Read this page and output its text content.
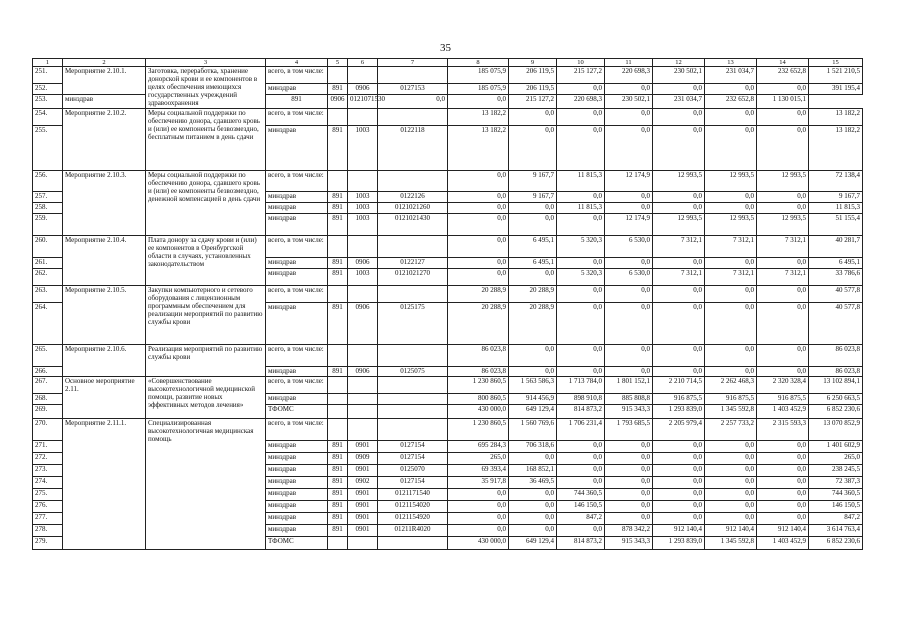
35
1	2	3	4	5	6	7	8	9	10	11	12	13	14	15
251.	Мероприятие 2.10.1.	Заготовка, переработка, хранение донорской крови и ее компонентов в целях обеспечения имеющихся государственных учреждений здравоохранения	всего, в том числе:				185 075,9	206 119,5	215 127,2	220 698,3	230 502,1	231 034,7	232 652,8	1 521 210,5
252.			минздрав	891	0906	0127153	185 075,9	206 119,5	0,0	0,0	0,0	0,0	0,0	391 195,4
253.	минздрав		891	0906	0121071530	0,0	0,0	215 127,2	220 698,3	230 502,1	231 034,7	232 652,8	1 130 015,1	
254.	Мероприятие 2.10.2.	Меры социальной поддержки по обеспечению донора, сдавшего кровь и (или) ее компоненты безвозмездно, бесплатным питанием в день сдачи	всего, в том числе:				13 182,2	0,0	0,0	0,0	0,0	0,0	0,0	13 182,2
255.			минздрав	891	1003	0122118	13 182,2	0,0	0,0	0,0	0,0	0,0	0,0	13 182,2
256.	Мероприятие 2.10.3.	Меры социальной поддержки по обеспечению донора, сдавшего кровь и (или) ее компоненты безвозмездно, денежной компенсацией в день сдачи	всего, в том числе:				0,0	9 167,7	11 815,3	12 174,9	12 993,5	12 993,5	12 993,5	72 138,4
257.			минздрав	891	1003	0122126	0,0	9 167,7	0,0	0,0	0,0	0,0	0,0	9 167,7
258.			минздрав	891	1003	0121021260	0,0	0,0	11 815,3	0,0	0,0	0,0	0,0	11 815,3
259.			минздрав	891	1003	0121021430	0,0	0,0	0,0	12 174,9	12 993,5	12 993,5	12 993,5	51 155,4
260.	Мероприятие 2.10.4.	Плата донору за сдачу крови и (или) ее компонентов в Оренбургской области в случаях, установленных законодательством	всего, в том числе:				0,0	6 495,1	5 320,3	6 530,0	7 312,1	7 312,1	7 312,1	40 281,7
261.			минздрав	891	0906	0122127	0,0	6 495,1	0,0	0,0	0,0	0,0	0,0	6 495,1
262.			минздрав	891	1003	0121021270	0,0	0,0	5 320,3	6 530,0	7 312,1	7 312,1	7 312,1	33 786,6
263.	Мероприятие 2.10.5.	Закупки компьютерного и сетевого оборудования с лицензионным программным обеспечением для реализации мероприятий по развитию службы крови	всего, в том числе:				20 288,9	20 288,9	0,0	0,0	0,0	0,0	0,0	40 577,8
264.			минздрав	891	0906	0125175	20 288,9	20 288,9	0,0	0,0	0,0	0,0	0,0	40 577,8
265.	Мероприятие 2.10.6.	Реализация мероприятий по развитию службы крови	всего, в том числе:				86 023,8	0,0	0,0	0,0	0,0	0,0	0,0	86 023,8
266.			минздрав	891	0906	0125075	86 023,8	0,0	0,0	0,0	0,0	0,0	0,0	86 023,8
267.	Основное мероприятие 2.11.	«Совершенствование высокотехнологичной медицинской помощи, развитие новых эффективных методов лечения»	всего, в том числе:				1 230 860,5	1 563 586,3	1 713 784,0	1 801 152,1	2 210 714,5	2 262 468,3	2 320 328,4	13 102 894,1
268.			минздрав				800 860,5	914 456,9	898 910,8	885 808,8	916 875,5	916 875,5	916 875,5	6 250 663,5
269.			ТФОМС				430 000,0	649 129,4	814 873,2	915 343,3	1 293 839,0	1 345 592,8	1 403 452,9	6 852 230,6
270.	Мероприятие 2.11.1.	Специализированная высокотехнологичная медицинская помощь	всего, в том числе:				1 230 860,5	1 560 769,6	1 706 231,4	1 793 685,5	2 205 979,4	2 257 733,2	2 315 593,3	13 070 852,9
271.			минздрав	891	0901	0127154	695 284,3	706 318,6	0,0	0,0	0,0	0,0	0,0	1 401 602,9
272.			минздрав	891	0909	0127154	265,0	0,0	0,0	0,0	0,0	0,0	0,0	265,0
273.			минздрав	891	0901	0125070	69 393,4	168 852,1	0,0	0,0	0,0	0,0	0,0	238 245,5
274.			минздрав	891	0902	0127154	35 917,8	36 469,5	0,0	0,0	0,0	0,0	0,0	72 387,3
275.			минздрав	891	0901	0121171540	0,0	0,0	744 360,5	0,0	0,0	0,0	0,0	744 360,5
276.			минздрав	891	0901	0121154020	0,0	0,0	146 150,5	0,0	0,0	0,0	0,0	146 150,5
277.			минздрав	891	0901	0121154920	0,0	0,0	847,2	0,0	0,0	0,0	0,0	847,2
278.			минздрав	891	0901	01211R4020	0,0	0,0	0,0	878 342,2	912 140,4	912 140,4	912 140,4	3 614 763,4
279.			ТФОМС				430 000,0	649 129,4	814 873,2	915 343,3	1 293 839,0	1 345 592,8	1 403 452,9	6 852 230,6
